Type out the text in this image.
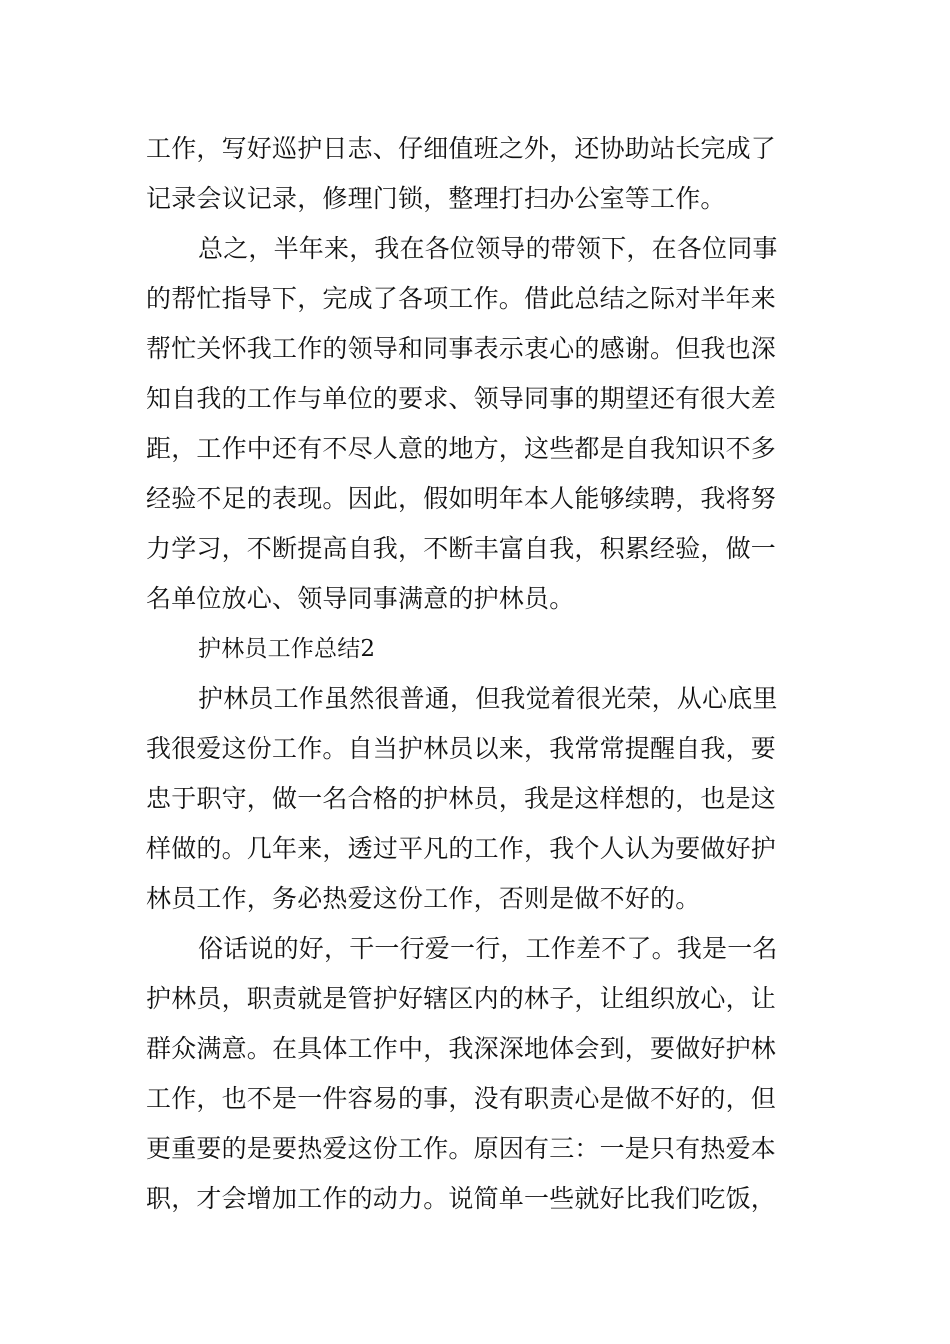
工作，写好巡护日志、仔细值班之外，还协助站长完成了
记录会议记录，修理门锁，整理打扫办公室等工作。
总之，半年来，我在各位领导的带领下，在各位同事
的帮忙指导下，完成了各项工作。借此总结之际对半年来
帮忙关怀我工作的领导和同事表示衷心的感谢。但我也深
知自我的工作与单位的要求、领导同事的期望还有很大差
距，工作中还有不尽人意的地方，这些都是自我知识不多
经验不足的表现。因此，假如明年本人能够续聘，我将努
力学习，不断提高自我，不断丰富自我，积累经验，做一
名单位放心、领导同事满意的护林员。
护林员工作总结2
护林员工作虽然很普通，但我觉着很光荣，从心底里
我很爱这份工作。自当护林员以来，我常常提醒自我，要
忠于职守，做一名合格的护林员，我是这样想的，也是这
样做的。几年来，透过平凡的工作，我个人认为要做好护
林员工作，务必热爱这份工作，否则是做不好的。
俗话说的好，干一行爱一行，工作差不了。我是一名
护林员，职责就是管护好辖区内的林子，让组织放心，让
群众满意。在具体工作中，我深深地体会到，要做好护林
工作，也不是一件容易的事，没有职责心是做不好的，但
更重要的是要热爱这份工作。原因有三：一是只有热爱本
职，才会增加工作的动力。说简单一些就好比我们吃饭，
